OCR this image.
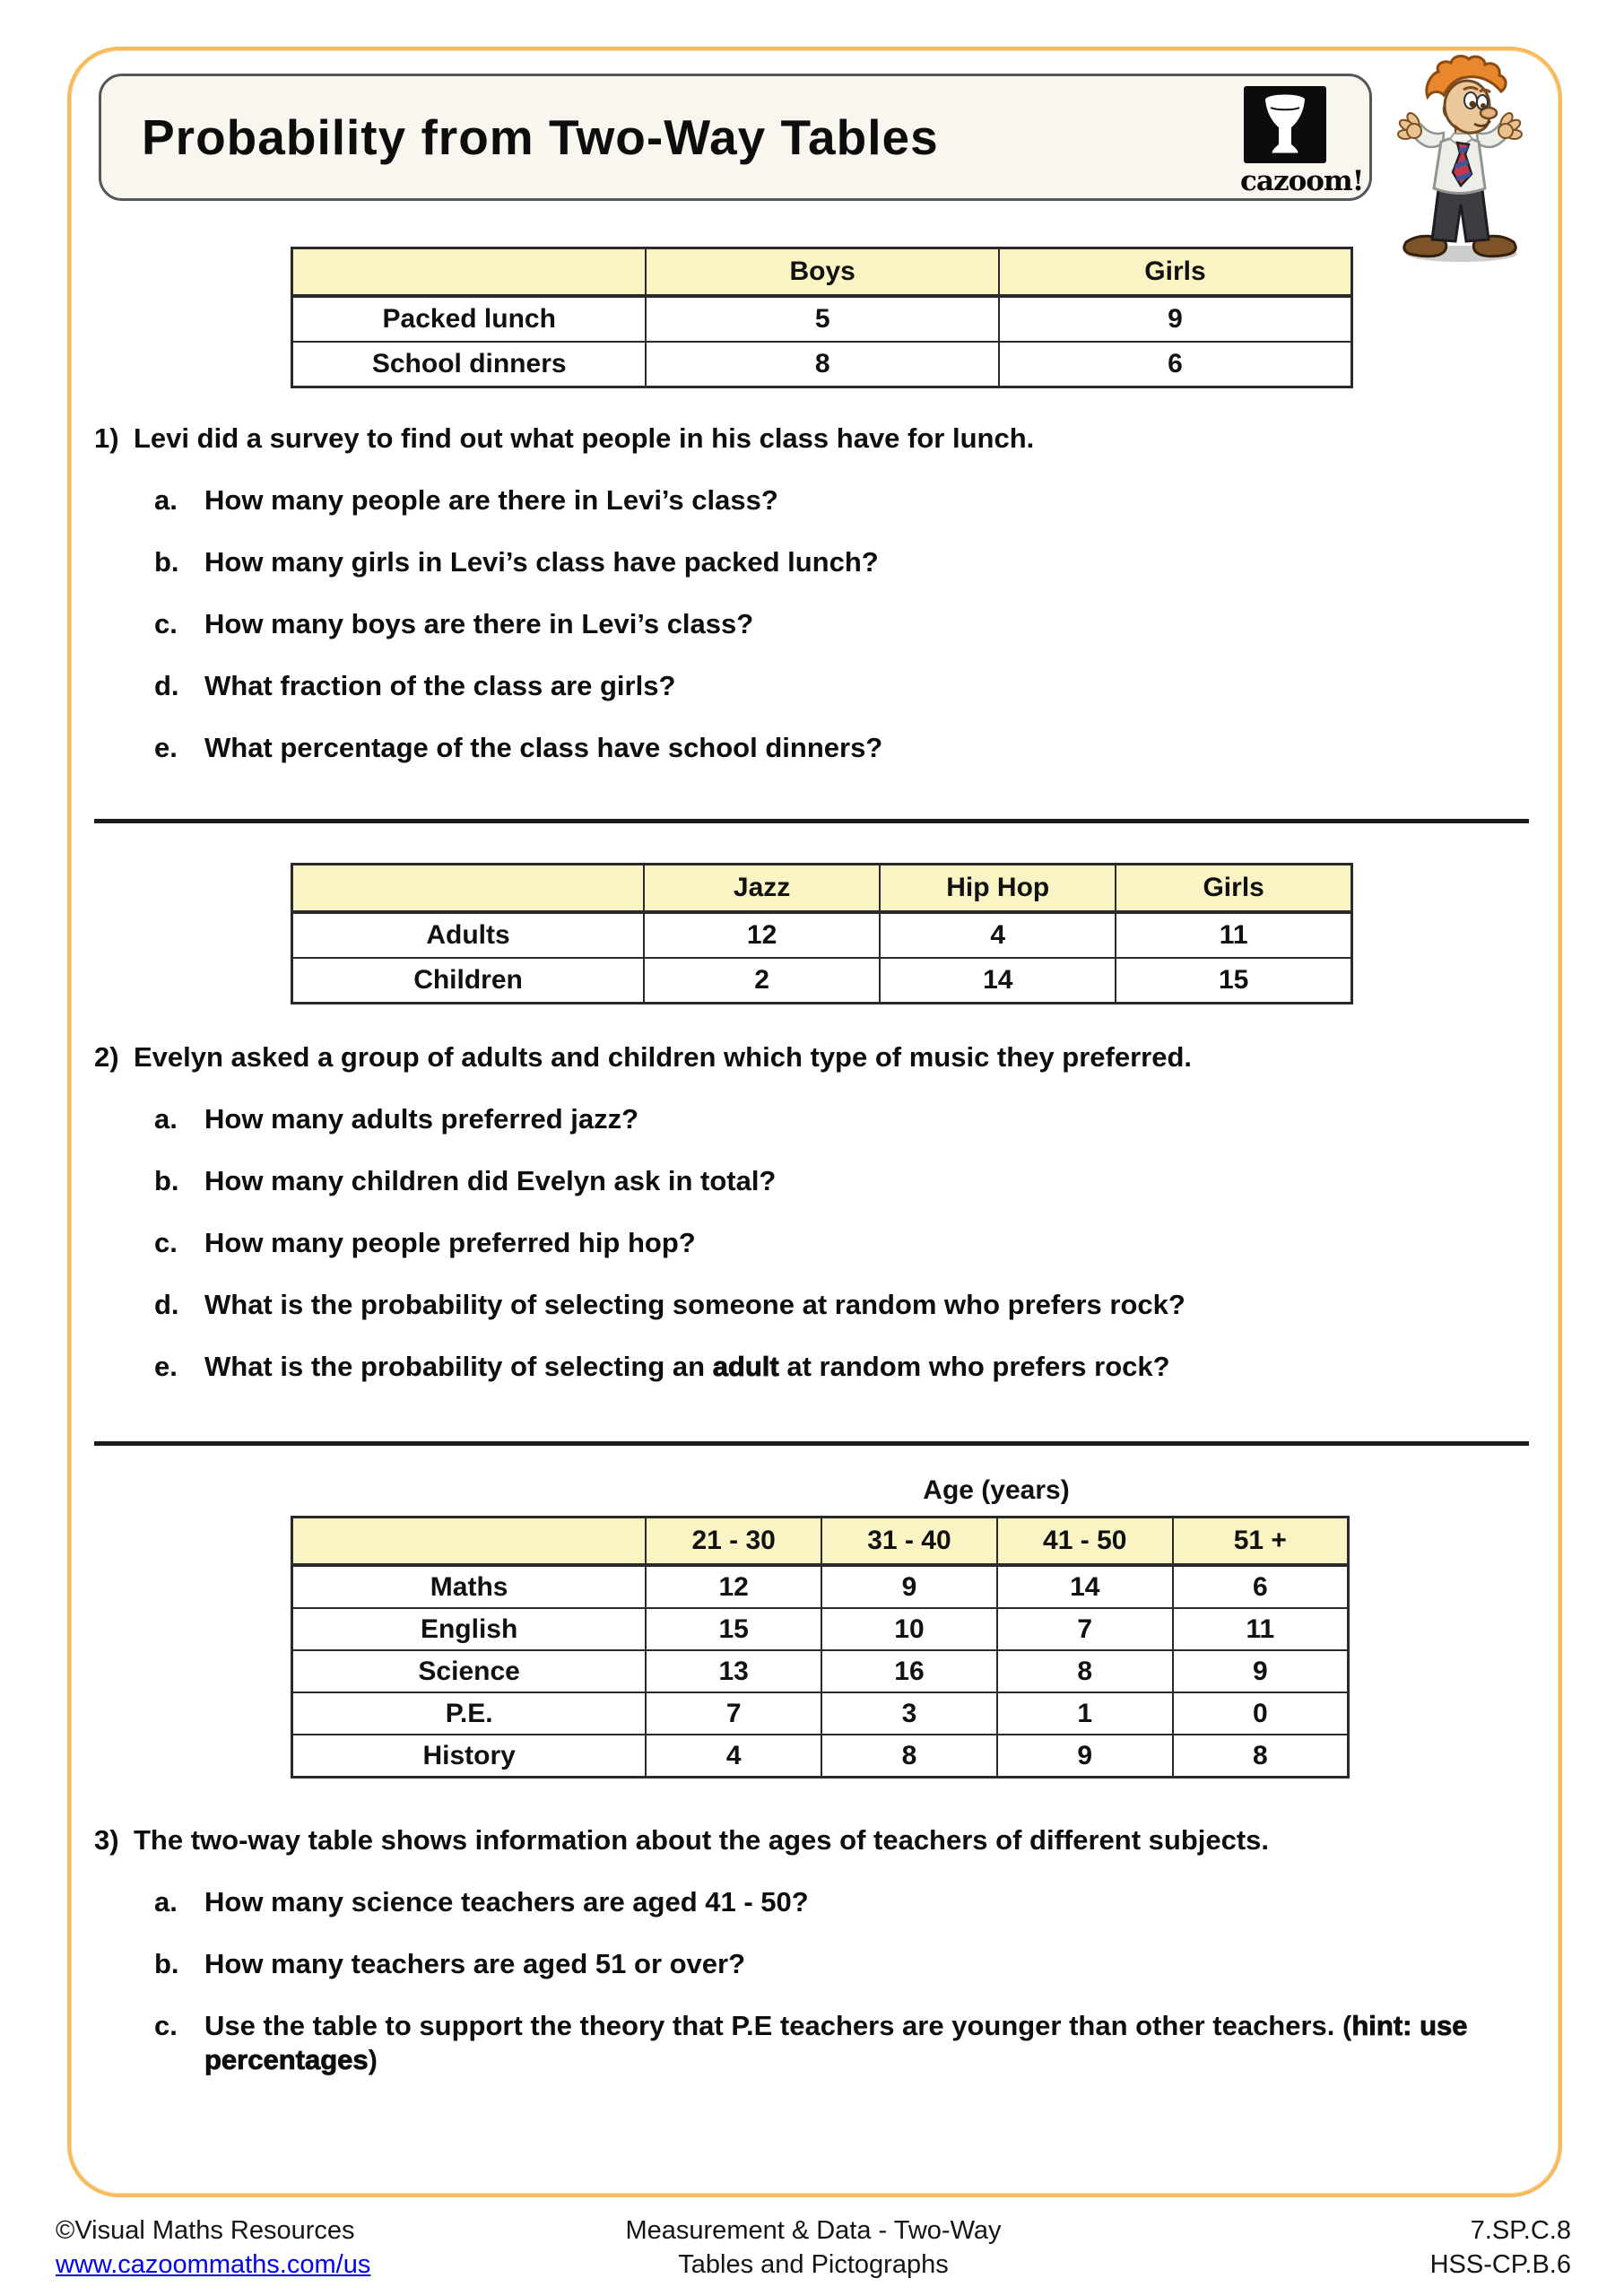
Probability from Two-Way Tables
cazoom!
	Boys	Girls
Packed lunch	5	9
School dinners	8	6
1) Levi did a survey to find out what people in his class have for lunch.
a. How many people are there in Levi’s class?
b. How many girls in Levi’s class have packed lunch?
c. How many boys are there in Levi’s class?
d. What fraction of the class are girls?
e. What percentage of the class have school dinners?
	Jazz	Hip Hop	Girls
Adults	12	4	11
Children	2	14	15
2) Evelyn asked a group of adults and children which type of music they preferred.
a. How many adults preferred jazz?
b. How many children did Evelyn ask in total?
c. How many people preferred hip hop?
d. What is the probability of selecting someone at random who prefers rock?
e. What is the probability of selecting an adult at random who prefers rock?
Age (years)
	21 - 30	31 - 40	41 - 50	51 +
Maths	12	9	14	6
English	15	10	7	11
Science	13	16	8	9
P.E.	7	3	1	0
History	4	8	9	8
3) The two-way table shows information about the ages of teachers of different subjects.
a. How many science teachers are aged 41 - 50?
b. How many teachers are aged 51 or over?
c. Use the table to support the theory that P.E teachers are younger than other teachers. (hint: use percentages)
©Visual Maths Resources
www.cazoommaths.com/us
Measurement & Data - Two-Way
Tables and Pictographs
7.SP.C.8
HSS-CP.B.6
